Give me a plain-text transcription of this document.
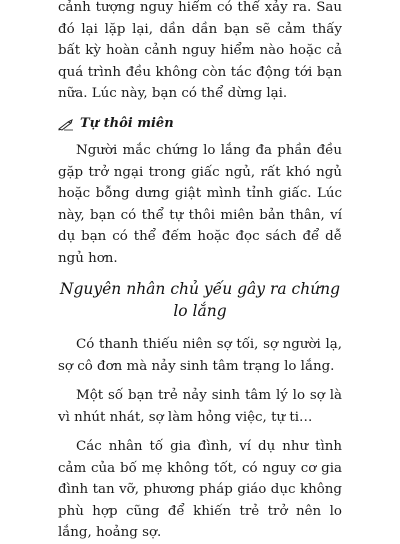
cảnh tượng nguy hiểm có thể xảy ra. Sau đó lại lặp lại, dần dần bạn sẽ cảm thấy bất kỳ hoàn cảnh nguy hiểm nào hoặc cả quá trình đều không còn tác động tới bạn nữa. Lúc này, bạn có thể dừng lại.

Tự thôi miên

Người mắc chứng lo lắng đa phần đều gặp trở ngại trong giấc ngủ, rất khó ngủ hoặc bỗng dưng giật mình tỉnh giấc. Lúc này, bạn có thể tự thôi miên bản thân, ví dụ bạn có thể đếm hoặc đọc sách để dễ ngủ hơn.

Nguyên nhân chủ yếu gây ra chứng lo lắng

Có thanh thiếu niên sợ tối, sợ người lạ, sợ cô đơn mà nảy sinh tâm trạng lo lắng.

Một số bạn trẻ nảy sinh tâm lý lo sợ là vì nhút nhát, sợ làm hỏng việc, tự ti…

Các nhân tố gia đình, ví dụ như tình cảm của bố mẹ không tốt, có nguy cơ gia đình tan vỡ, phương pháp giáo dục không phù hợp cũng để khiến trẻ trở nên lo lắng, hoảng sợ.
